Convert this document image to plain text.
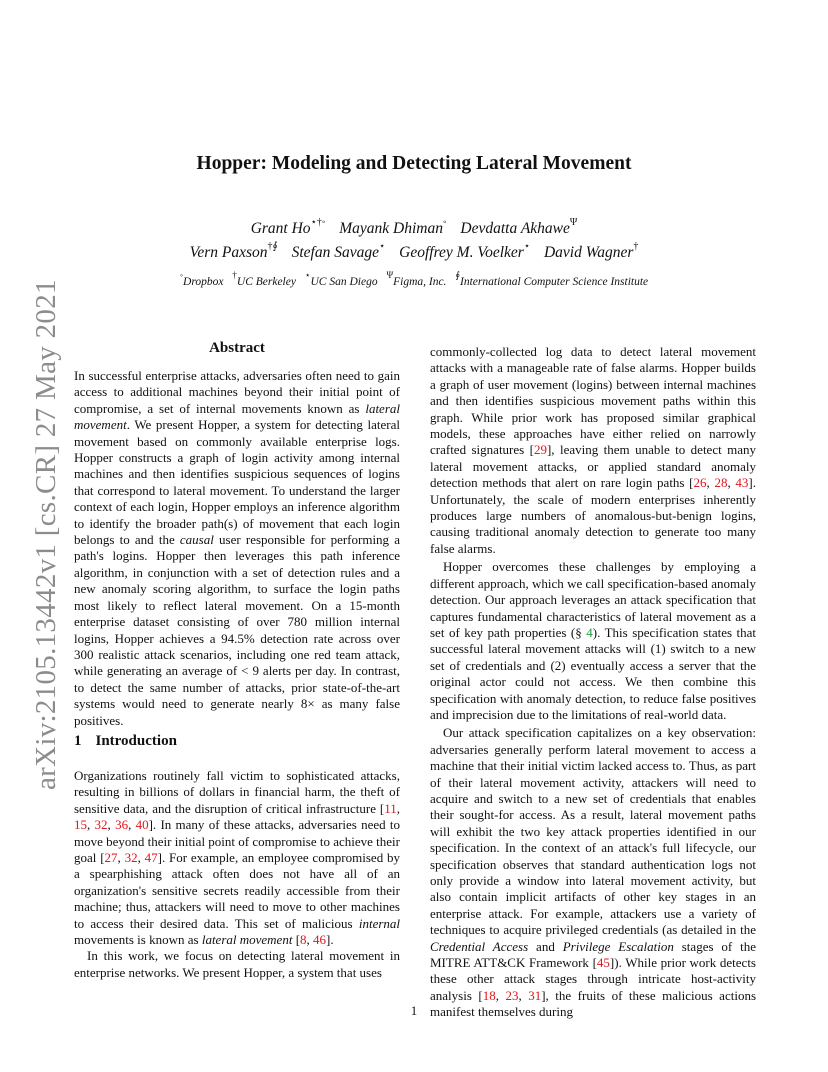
arXiv:2105.13442v1 [cs.CR] 27 May 2021
Hopper: Modeling and Detecting Lateral Movement
Grant Ho⋆†◦ Mayank Dhiman◦ Devdatta Akhawe$^\Psi$
Vern Paxson†∮ Stefan Savage⋆ Geoffrey M. Voelker⋆ David Wagner†
◦Dropbox †UC Berkeley ⋆UC San Diego $^\Psi$Figma, Inc. ∮International Computer Science Institute
Abstract

In successful enterprise attacks, adversaries often need to gain access to additional machines beyond their initial point of compromise, a set of internal movements known as lateral movement. We present Hopper, a system for detecting lateral movement based on commonly available enterprise logs. Hopper constructs a graph of login activity among internal machines and then identifies suspicious sequences of logins that correspond to lateral movement. To understand the larger context of each login, Hopper employs an inference algorithm to identify the broader path(s) of movement that each login belongs to and the causal user responsible for performing a path's logins. Hopper then leverages this path inference algorithm, in conjunction with a set of detection rules and a new anomaly scoring algorithm, to surface the login paths most likely to reflect lateral movement. On a 15-month enterprise dataset consisting of over 780 million internal logins, Hopper achieves a 94.5% detection rate across over 300 realistic attack scenarios, including one red team attack, while generating an average of < 9 alerts per day. In contrast, to detect the same number of attacks, prior state-of-the-art systems would need to generate nearly 8× as many false positives.

1 Introduction

Organizations routinely fall victim to sophisticated attacks, resulting in billions of dollars in financial harm, the theft of sensitive data, and the disruption of critical infrastructure [11, 15, 32, 36, 40]. In many of these attacks, adversaries need to move beyond their initial point of compromise to achieve their goal [27, 32, 47]. For example, an employee compromised by a spearphishing attack often does not have all of an organization's sensitive secrets readily accessible from their machine; thus, attackers will need to move to other machines to access their desired data. This set of malicious internal movements is known as lateral movement [8, 46].

In this work, we focus on detecting lateral movement in enterprise networks. We present Hopper, a system that uses

commonly-collected log data to detect lateral movement attacks with a manageable rate of false alarms. Hopper builds a graph of user movement (logins) between internal machines and then identifies suspicious movement paths within this graph. While prior work has proposed similar graphical models, these approaches have either relied on narrowly crafted signatures [29], leaving them unable to detect many lateral movement attacks, or applied standard anomaly detection methods that alert on rare login paths [26, 28, 43]. Unfortunately, the scale of modern enterprises inherently produces large numbers of anomalous-but-benign logins, causing traditional anomaly detection to generate too many false alarms.

Hopper overcomes these challenges by employing a different approach, which we call specification-based anomaly detection. Our approach leverages an attack specification that captures fundamental characteristics of lateral movement as a set of key path properties (§ 4). This specification states that successful lateral movement attacks will (1) switch to a new set of credentials and (2) eventually access a server that the original actor could not access. We then combine this specification with anomaly detection, to reduce false positives and imprecision due to the limitations of real-world data.

Our attack specification capitalizes on a key observation: adversaries generally perform lateral movement to access a machine that their initial victim lacked access to. Thus, as part of their lateral movement activity, attackers will need to acquire and switch to a new set of credentials that enables their sought-for access. As a result, lateral movement paths will exhibit the two key attack properties identified in our specification. In the context of an attack's full lifecycle, our specification observes that standard authentication logs not only provide a window into lateral movement activity, but also contain implicit artifacts of other key stages in an enterprise attack. For example, attackers use a variety of techniques to acquire privileged credentials (as detailed in the Credential Access and Privilege Escalation stages of the MITRE ATT&CK Framework [45]). While prior work detects these other attack stages through intricate host-activity analysis [18, 23, 31], the fruits of these malicious actions manifest themselves during

1
